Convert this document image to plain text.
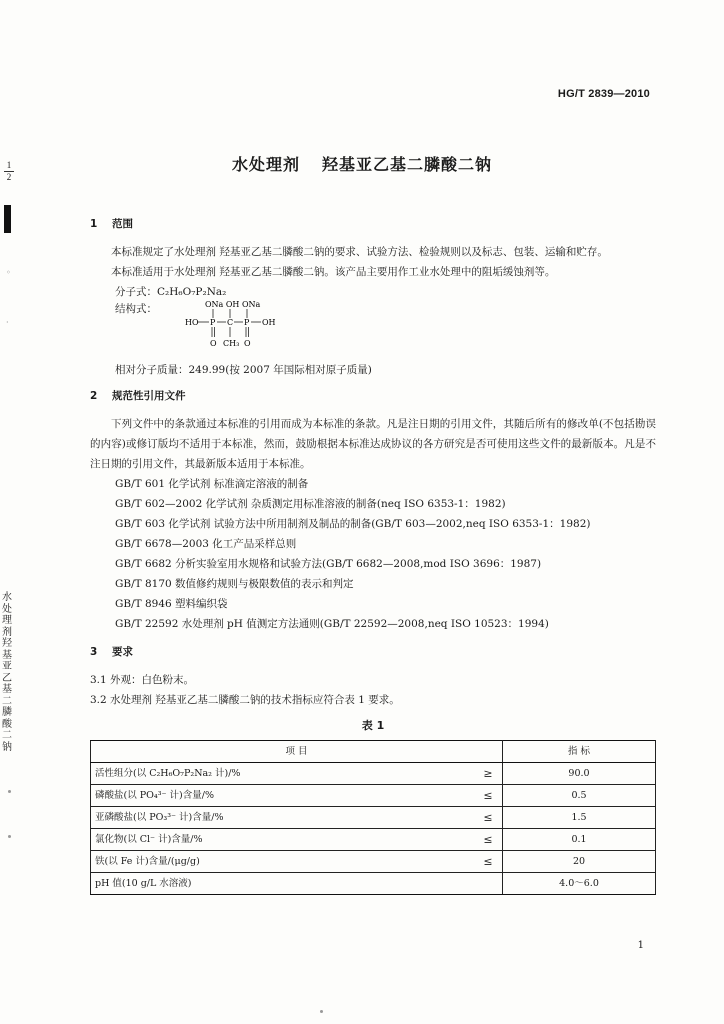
HG/T 2839—2010
$\frac{1}{2}$
◦
·
水处理剂 羟基亚乙基二膦酸二钠
水处理剂 羟基亚乙基二膦酸二钠
1 范围

本标准规定了水处理剂 羟基亚乙基二膦酸二钠的要求、试验方法、检验规则以及标志、包装、运输和贮存。

本标准适用于水处理剂 羟基亚乙基二膦酸二钠。该产品主要用作工业水处理中的阻垢缓蚀剂等。

分子式：C₂H₆O₇P₂Na₂

结构式：	ONa OH ONa
HO P C P OH
O CH₃ O

相对分子质量：249.99(按 2007 年国际相对原子质量)

2 规范性引用文件

下列文件中的条款通过本标准的引用而成为本标准的条款。凡是注日期的引用文件，其随后所有的修改单(不包括勘误的内容)或修订版均不适用于本标准，然而，鼓励根据本标准达成协议的各方研究是否可使用这些文件的最新版本。凡是不注日期的引用文件，其最新版本适用于本标准。

GB/T 601 化学试剂 标准滴定溶液的制备

GB/T 602—2002 化学试剂 杂质测定用标准溶液的制备(neq ISO 6353-1：1982)

GB/T 603 化学试剂 试验方法中所用制剂及制品的制备(GB/T 603—2002,neq ISO 6353-1：1982)

GB/T 6678—2003 化工产品采样总则

GB/T 6682 分析实验室用水规格和试验方法(GB/T 6682—2008,mod ISO 3696：1987)

GB/T 8170 数值修约规则与极限数值的表示和判定

GB/T 8946 塑料编织袋

GB/T 22592 水处理剂 pH 值测定方法通则(GB/T 22592—2008,neq ISO 10523：1994)

3 要求

3.1 外观：白色粉末。

3.2 水处理剂 羟基亚乙基二膦酸二钠的技术指标应符合表 1 要求。

表 1
项 目		指 标
活性组分(以 C₂H₆O₇P₂Na₂ 计)/%	≥	90.0
磷酸盐(以 PO₄³⁻ 计)含量/%	≤	0.5
亚磷酸盐(以 PO₃³⁻ 计)含量/%	≤	1.5
氯化物(以 Cl⁻ 计)含量/%	≤	0.1
铁(以 Fe 计)含量/(μg/g)	≤	20
pH 值(10 g/L 水溶液)		4.0～6.0
1
